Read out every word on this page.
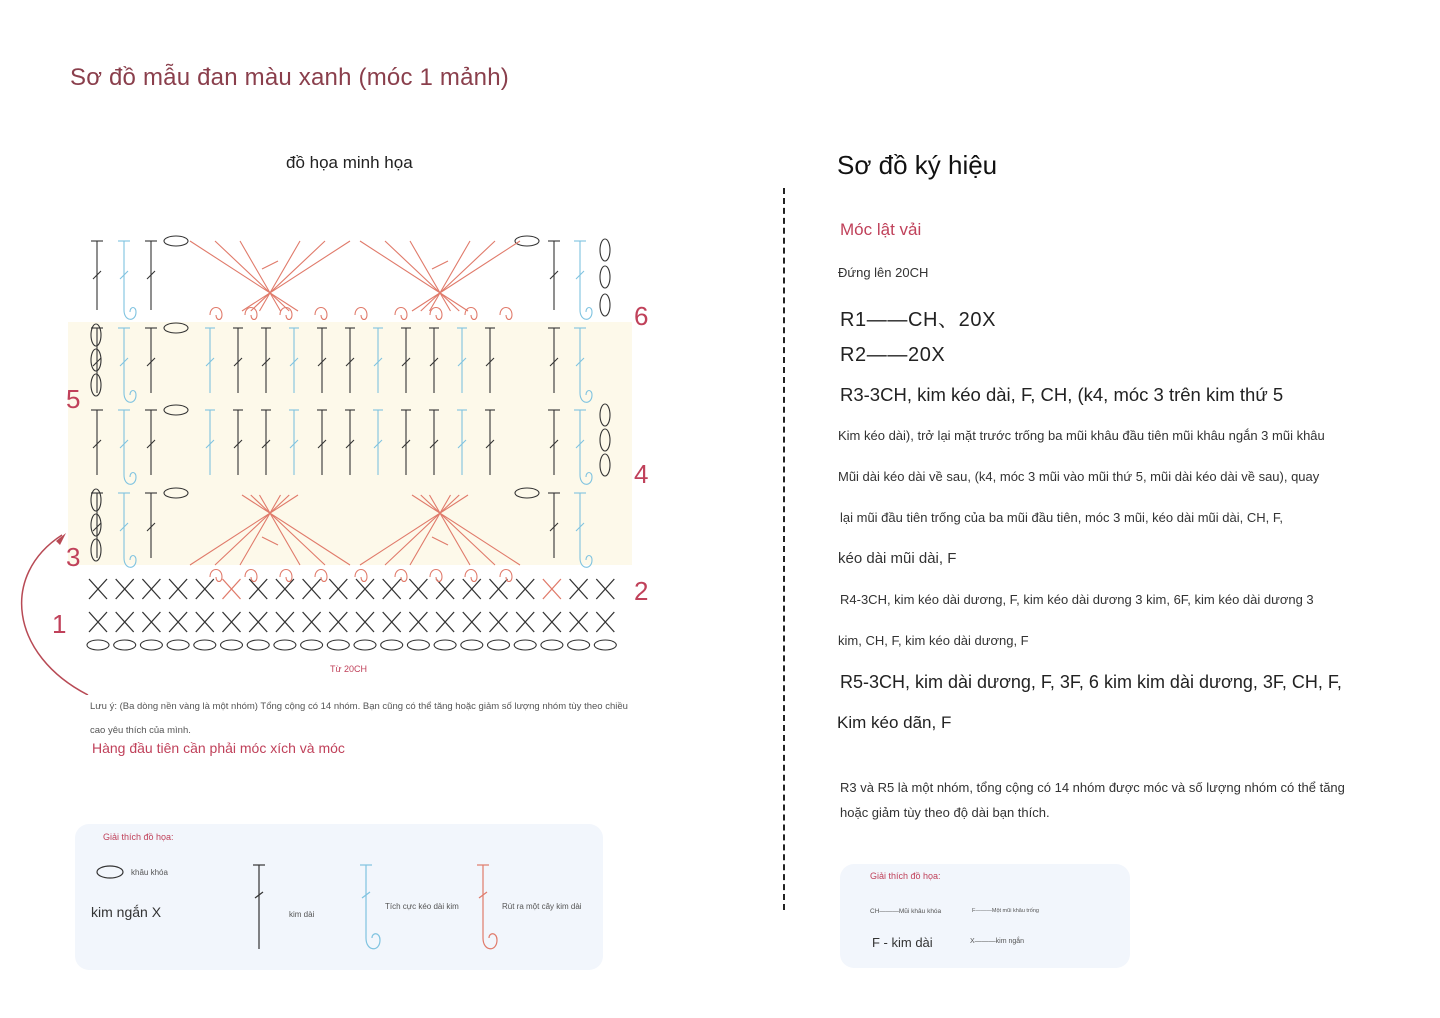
Sơ đồ mẫu đan màu xanh (móc 1 mảnh)
đồ họa minh họa
1
2
3
4
5
6
Từ 20CH
Lưu ý: (Ba dòng nền vàng là một nhóm) Tổng cộng có 14 nhóm. Bạn cũng có thể tăng hoặc giảm số lượng nhóm tùy theo chiều cao yêu thích của mình.
Hàng đầu tiên cần phải móc xích và móc
Giải thích đồ họa:
khâu khóa
kim ngắn X	kim dài
Tích cực kéo dài kim	Rút ra một cây kim dài
Sơ đồ ký hiệu
Móc lật vải
Đứng lên 20CH
R1——CH、20X
R2——20X
R3-3CH, kim kéo dài, F, CH, (k4, móc 3 trên kim thứ 5
Kim kéo dài), trở lại mặt trước trống ba mũi khâu đầu tiên mũi khâu ngắn 3 mũi khâu
Mũi dài kéo dài về sau, (k4, móc 3 mũi vào mũi thứ 5, mũi dài kéo dài về sau), quay
lại mũi đầu tiên trống của ba mũi đầu tiên, móc 3 mũi, kéo dài mũi dài, CH, F,
kéo dài mũi dài, F
R4-3CH, kim kéo dài dương, F, kim kéo dài dương 3 kim, 6F, kim kéo dài dương 3
kim, CH, F, kim kéo dài dương, F
R5-3CH, kim dài dương, F, 3F, 6 kim kim dài dương, 3F, CH, F,
Kim kéo dãn, F
R3 và R5 là một nhóm, tổng cộng có 14 nhóm được móc và số lượng nhóm có thể tăng
hoặc giảm tùy theo độ dài bạn thích.
Giải thích đồ họa:
CH———Mũi khâu khóa	F———Một mũi khâu trống
F - kim dài	X———kim ngắn
